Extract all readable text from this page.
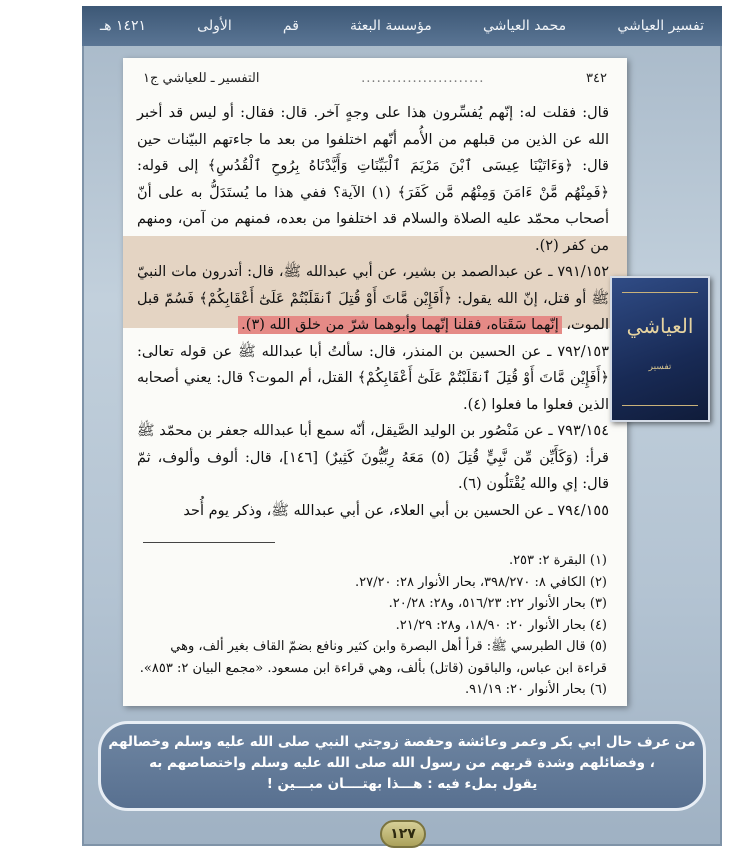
تفسير العياشي
محمد العياشي
مؤسسة البعثة
قم
الأولى
١٤٢١ هـ
٣٤٢
........................
التفسير ـ للعياشي ج١

قال: فقلت له: إنّهم يُفسِّرون هذا على وجهٍ آخر. قال: فقال: أو ليس قد أخبر الله عن الذين من قبلهم من الأُمم أنّهم اختلفوا من بعد ما جاءتهم البيّنات حين قال: ﴿وَءَاتَيْنَا عِيسَى ٱبْنَ مَرْيَمَ ٱلْبَيِّنَاتِ وَأَيَّدْنَاهُ بِرُوحِ ٱلْقُدُسِ﴾ إلى قوله: ﴿فَمِنْهُم مَّنْ ءَامَنَ وَمِنْهُم مَّن كَفَرَ﴾ (١) الآية؟ ففي هذا ما يُستَدَلُّ به على أنّ أصحاب محمّد عليه الصلاة والسلام قد اختلفوا من بعده، فمنهم من آمن، ومنهم من كفر (٢).

٧٩١/١٥٢ ـ عن عبدالصمد بن بشير، عن أبي عبدالله ﷺ، قال: أتدرون مات النبيّ ﷺ أو قتل، إنّ الله يقول: ﴿أَفَإِيْن مَّاتَ أَوْ قُتِلَ ٱنقَلَبْتُمْ عَلَىٰٓ أَعْقَابِكُمْ﴾ فَسُمّ قبل الموت، إنّهما سَقَتاه، فقلنا إنّهما وأبوهما شرّ من خلق الله (٣).

٧٩٢/١٥٣ ـ عن الحسين بن المنذر، قال: سألتُ أبا عبدالله ﷺ عن قوله تعالى: ﴿أَفَإِيْن مَّاتَ أَوْ قُتِلَ ٱنقَلَبْتُمْ عَلَىٰٓ أَعْقَابِكُمْ﴾ القتل، أم الموت؟ قال: يعني أصحابه الذين فعلوا ما فعلوا (٤).

٧٩٣/١٥٤ ـ عن مَنْصُور بن الوليد الصَّيقل، أنّه سمع أبا عبدالله جعفر بن محمّد ﷺ قرأ: (وَكَأَيِّن مِّن نَّبِيٍّ قُتِلَ (٥) مَعَهُ رِبِّيُّونَ كَثِيرٌ) [١٤٦]، قال: ألوف وألوف، ثمّ قال: إي والله يُقْتَلُون (٦).

٧٩٤/١٥٥ ـ عن الحسين بن أبي العلاء، عن أبي عبدالله ﷺ، وذكر يوم أُحد

(١) البقرة ٢: ٢٥٣.
(٢) الكافي ٨: ٣٩٨/٢٧٠، بحار الأنوار ٢٨: ٢٧/٢٠.
(٣) بحار الأنوار ٢٢: ٥١٦/٢٣، و٢٨: ٢٠/٢٨.
(٤) بحار الأنوار ٢٠: ١٨/٩٠، و٢٨: ٢١/٢٩.
(٥) قال الطبرسي ﷺ: قرأ أهل البصرة وابن كثير ونافع بضمّ القاف بغير ألف، وهي قراءة ابن عباس، والباقون (قاتل) بألف، وهي قراءة ابن مسعود. «مجمع البيان ٢: ٨٥٣».
(٦) بحار الأنوار ٢٠: ٩١/١٩.
العياشي
تفسير
من عرف حال ابي بكر وعمر وعائشة وحفصة زوجتي النبي صلى الله عليه وسلم وخصالهم
، وفضائلهم وشدة قربهم من رسول الله صلى الله عليه وسلم واختصاصهم به
يقول بملء فيه : هـــذا بهتــــان مبـــين !
١٢٧
